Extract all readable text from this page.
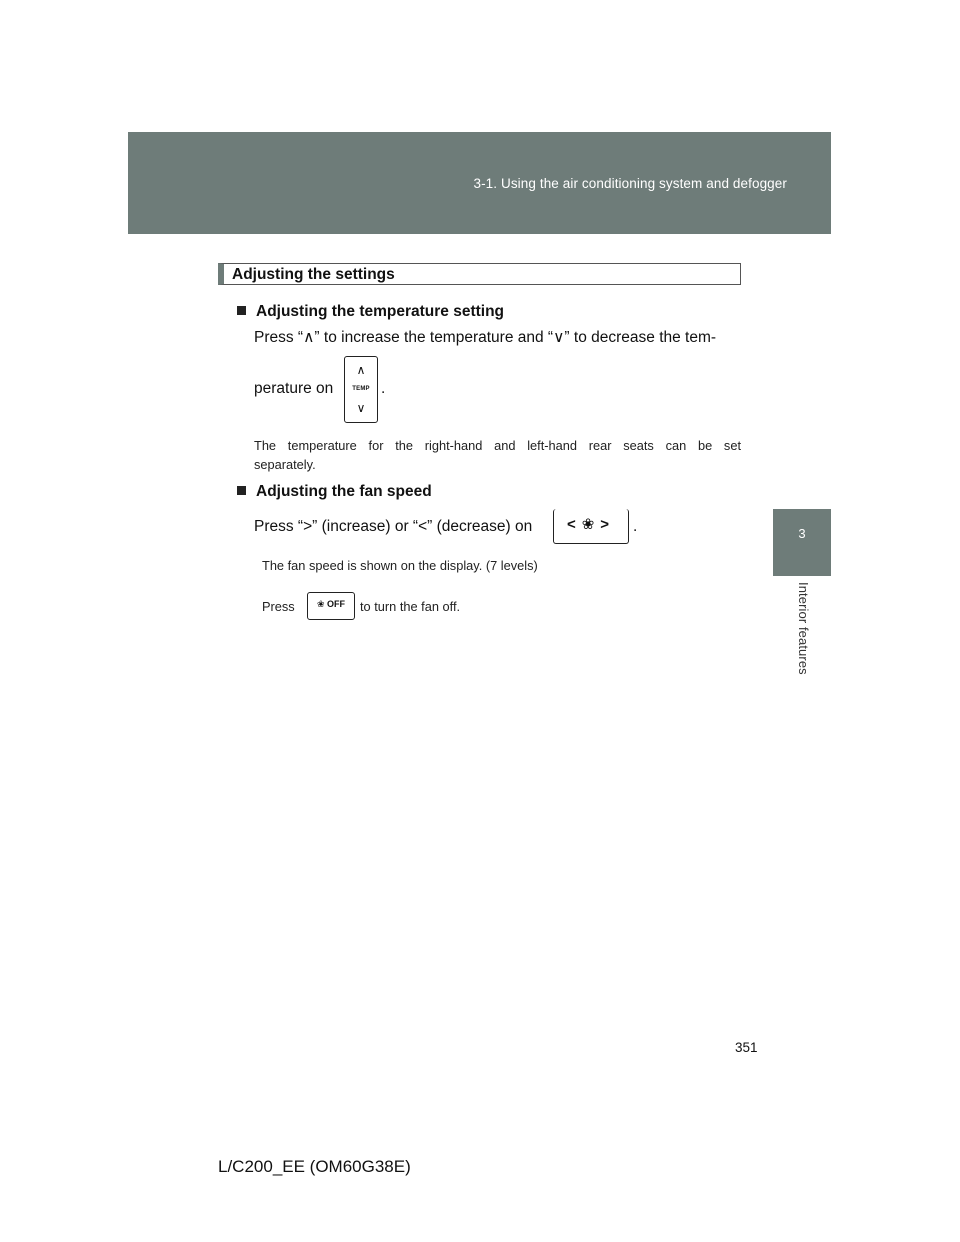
3-1. Using the air conditioning system and defogger
3
Interior features
Adjusting the settings
Adjusting the temperature setting
Press “∧” to increase the temperature and “∨” to decrease the tem-
perature on
∧
TEMP
∨
.
The temperature for the right-hand and left-hand rear seats can be set
separately.
Adjusting the fan speed
Press “>” (increase) or “<” (decrease) on	<❀>	.
The fan speed is shown on the display. (7 levels)
Press	❀ OFF	to turn the fan off.
351
L/C200_EE (OM60G38E)
